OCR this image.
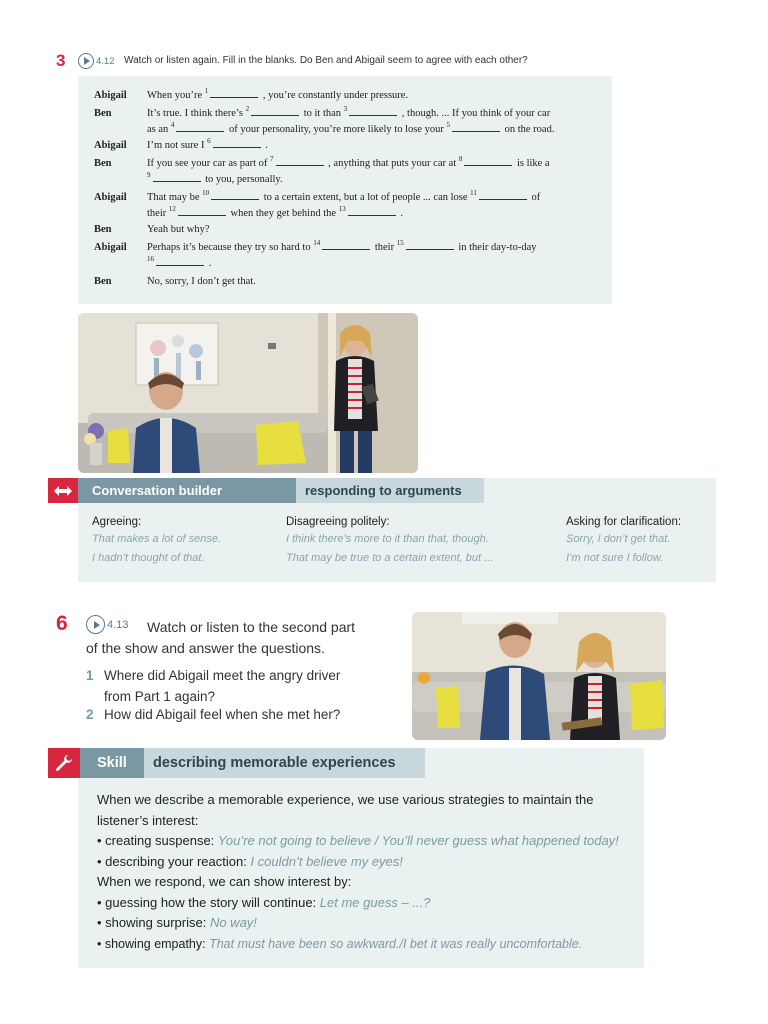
3	4.12 Watch or listen again. Fill in the blanks. Do Ben and Abigail seem to agree with each other?
Abigail	When you’re $^1$	, you’re constantly under pressure.
Ben	It’s true. I think there’s $^2$	to it than $^3$	, though. ... If you think of your car
as an $^4$	of your personality, you’re more likely to lose your $^5$	on the road.
Abigail	I’m not sure I $^6$	.
Ben	If you see your car as part of $^7$	, anything that puts your car at $^8$	is like a
$^9$	to you, personally.
Abigail	That may be $^{10}$	to a certain extent, but a lot of people ... can lose $^{11}$	of
their $^{12}$	when they get behind the $^{13}$	.
Ben	Yeah but why?
Abigail	Perhaps it’s because they try so hard to $^{14}$	their $^{15}$	in their day-to-day
$^{16}$	.
Ben	No, sorry, I don’t get that.
Conversation builder	responding to arguments
Agreeing:
That makes a lot of sense.
I hadn’t thought of that.
Disagreeing politely:
I think there’s more to it than that, though.
That may be true to a certain extent, but ...
Asking for clarification:
Sorry, I don’t get that.
I’m not sure I follow.
6	4.13 Watch or listen to the second part
of the show and answer the questions.
1 Where did Abigail meet the angry driver
from Part 1 again?
2 How did Abigail feel when she met her?
Skill	describing memorable experiences
When we describe a memorable experience, we use various strategies to maintain the
listener’s interest:
• creating suspense: You’re not going to believe / You’ll never guess what happened today!
• describing your reaction: I couldn’t believe my eyes!
When we respond, we can show interest by:
• guessing how the story will continue: Let me guess – ...?
• showing surprise: No way!
• showing empathy: That must have been so awkward./I bet it was really uncomfortable.
